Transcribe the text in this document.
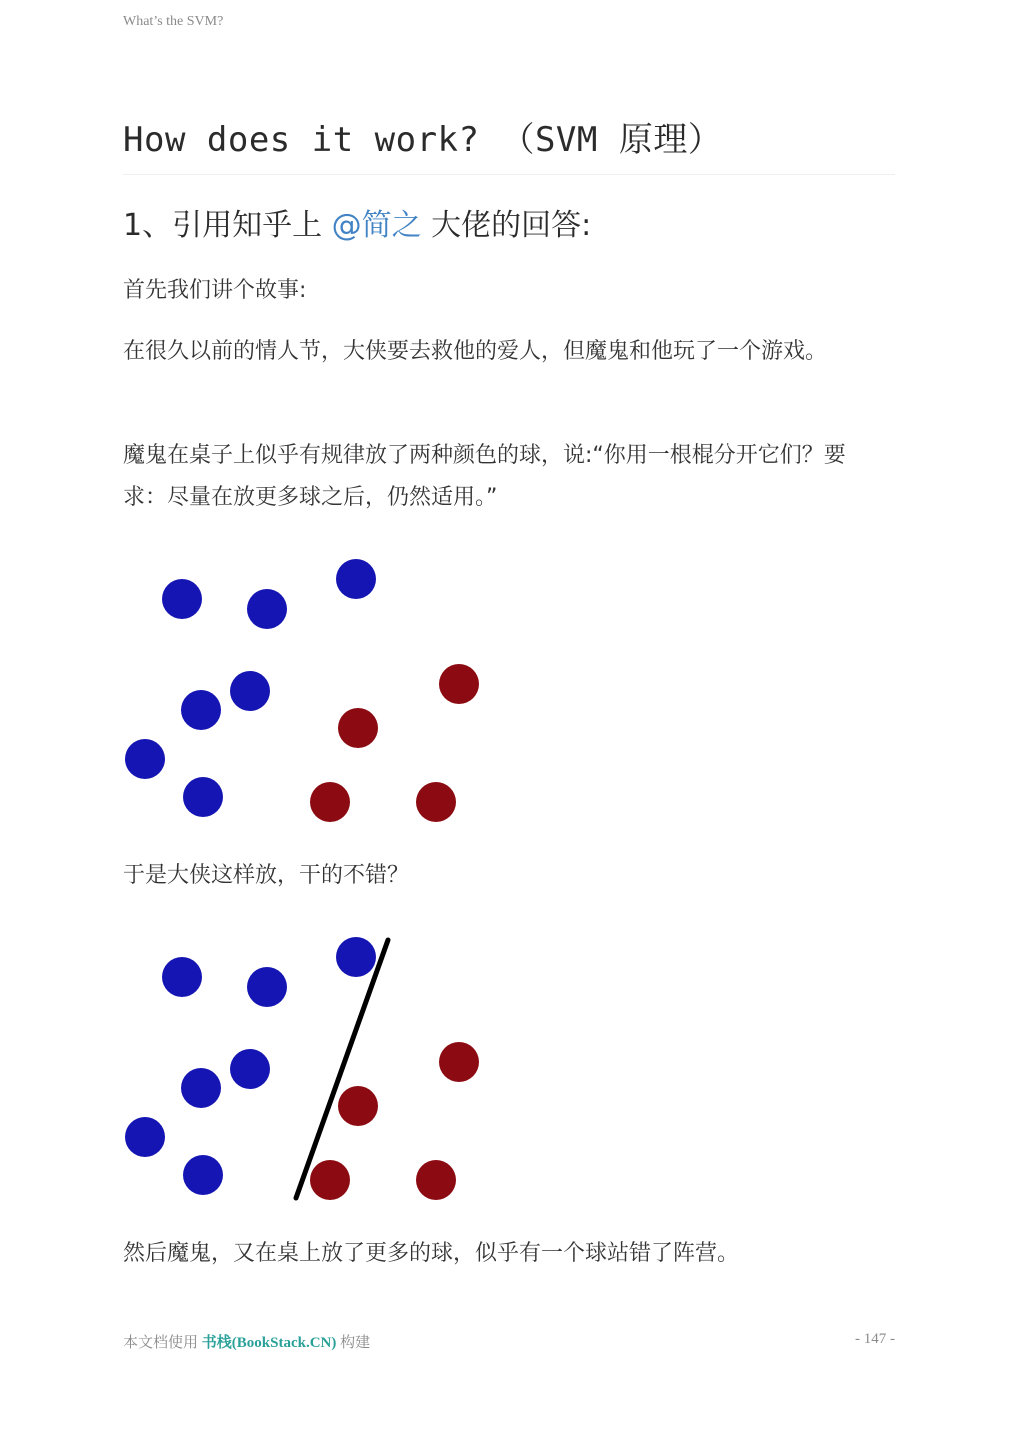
What’s the SVM?
How does it work? （SVM 原理）
1、引用知乎上 @简之 大佬的回答:

首先我们讲个故事:

在很久以前的情人节，大侠要去救他的爱人，但魔鬼和他玩了一个游戏。

魔鬼在桌子上似乎有规律放了两种颜色的球，说:“你用一根棍分开它们？要求：尽量在放更多球之后，仍然适用。”

于是大侠这样放，干的不错？

然后魔鬼，又在桌上放了更多的球，似乎有一个球站错了阵营。

本文档使用 书栈(BookStack.CN) 构建	- 147 -
